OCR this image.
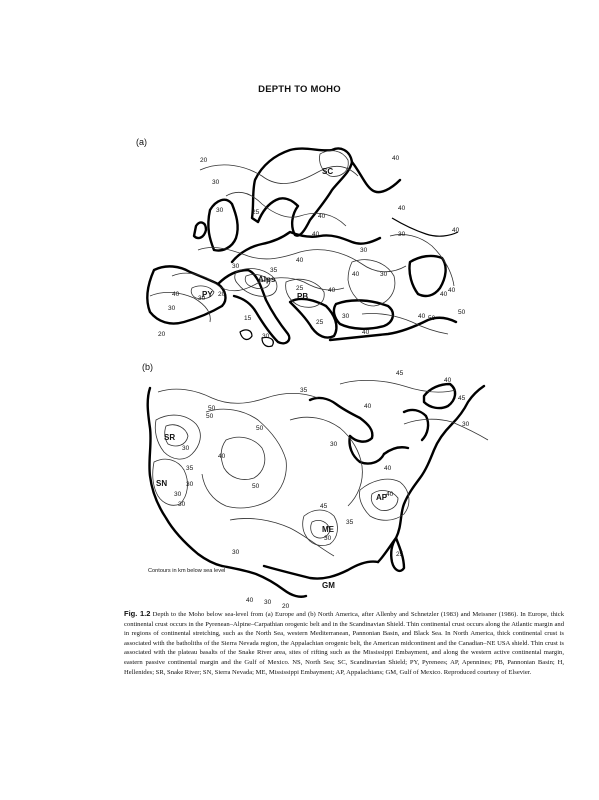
DEPTH TO MOHO
(a)
20
30
25
30
40
40
20
30
40
30
40
35
40
30
40
40 50
20
15
30
25	40
40
30
50
40
40
30
40
30
25
30
40
SC
Alps
PY	PB
(b)
35
45
40
45
30
40
50
50
50
40
35
30
30	50
30
30
30
30
45
40
35
30
40
25
40 30
20
SR
SN
AP
ME
GM
Contours in km below sea level
Fig. 1.2 Depth to the Moho below sea-level from (a) Europe and (b) North America, after Allenby and Schnetzler (1983) and Meissner (1986). In Europe, thick continental crust occurs in the Pyrenean–Alpine–Carpathian orogenic belt and in the Scandinavian Shield. Thin continental crust occurs along the Atlantic margin and in regions of continental stretching, such as the North Sea, western Mediterranean, Pannonian Basin, and Black Sea. In North America, thick continental crust is associated with the batholiths of the Sierra Nevada region, the Appalachian orogenic belt, the American midcontinent and the Canadian–NE USA shield. Thin crust is associated with the plateau basalts of the Snake River area, sites of rifting such as the Mississippi Embayment, and along the western active continental margin, eastern passive continental margin and the Gulf of Mexico. NS, North Sea; SC, Scandinavian Shield; PY, Pyrenees; AP, Apennines; PB, Pannonian Basin; H, Hellenides; SR, Snake River; SN, Sierra Nevada; ME, Mississippi Embayment; AP, Appalachians; GM, Gulf of Mexico. Reproduced courtesy of Elsevier.
